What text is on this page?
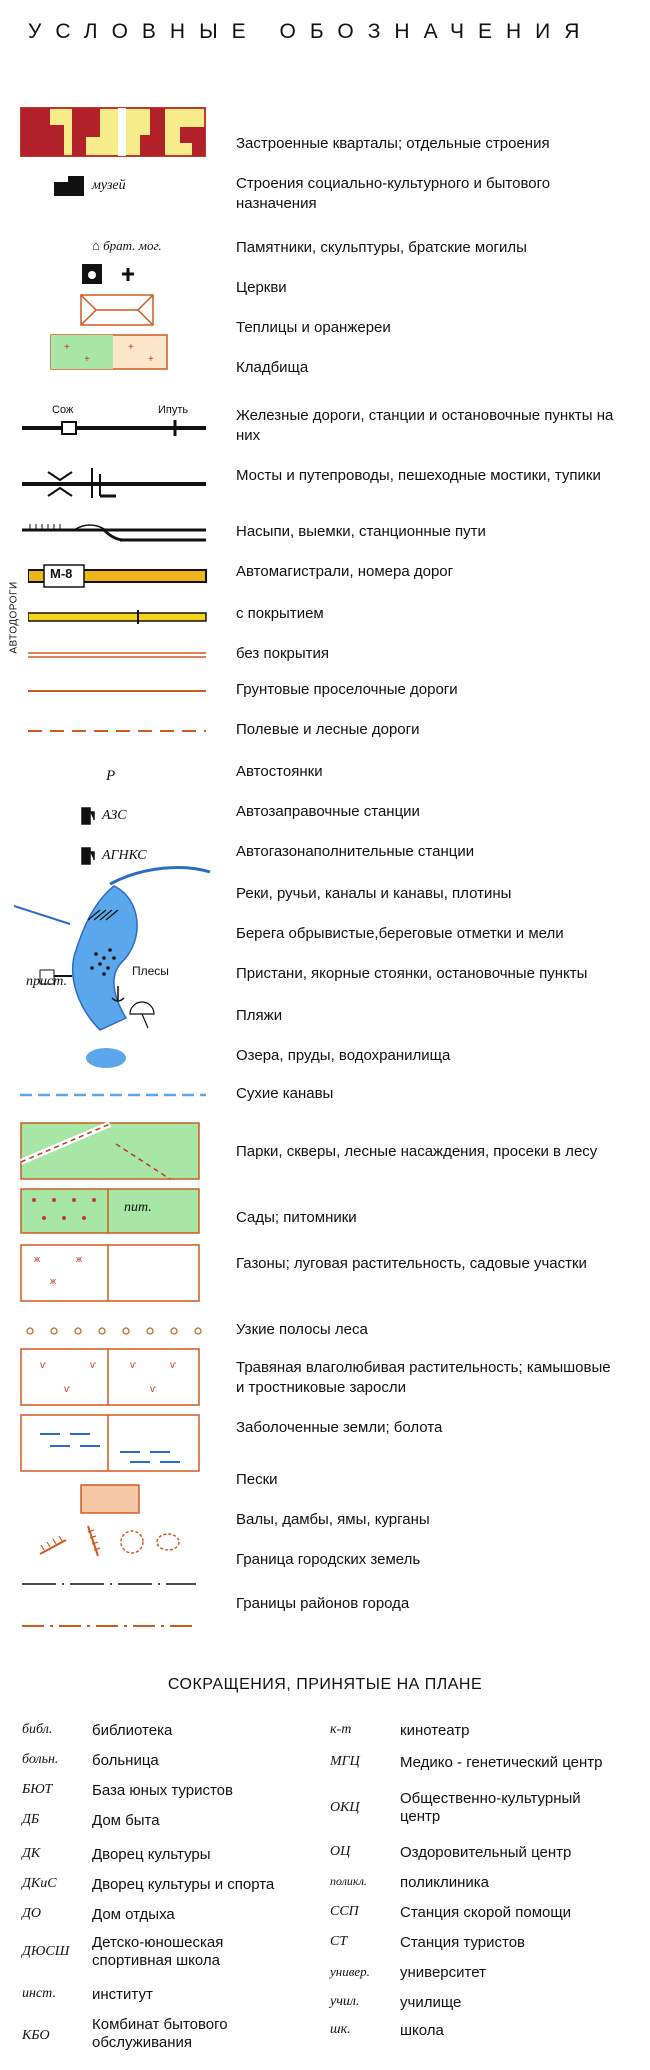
УСЛОВНЫЕ ОБОЗНАЧЕНИЯ
музей
⌂ брат. мог.
+
+
+
+
Сож	Ипуть
М-8
АВТОДОРОГИ
P
АЗС
АГНКС
прист.
Плесы
пит.
ж	ж
ж
ѵ	ѵ	ѵ	ѵ
ѵ	ѵ
Застроенные кварталы; отдельные строения
Строения социально-культурного и бытового назначения
Памятники, скульптуры, братские могилы
Церкви
Теплицы и оранжереи
Кладбища
Железные дороги, станции и остановочные пункты на них
Мосты и путепроводы, пешеходные мостики, тупики
Насыпи, выемки, станционные пути
Автомагистрали, номера дорог
с покрытием
без покрытия
Грунтовые проселочные дороги
Полевые и лесные дороги
Автостоянки
Автозаправочные станции
Автогазонаполнительные станции
Реки, ручьи, каналы и канавы, плотины
Берега обрывистые,береговые отметки и мели
Пристани, якорные стоянки, остановочные пункты
Пляжи
Озера, пруды, водохранилища
Сухие канавы
Парки, скверы, лесные насаждения, просеки в лесу
Сады; питомники
Газоны; луговая растительность, садовые участки
Узкие полосы леса
Травяная влаголюбивая растительность; камышовые и тростниковые заросли
Заболоченные земли; болота
Пески
Валы, дамбы, ямы, курганы
Граница городских земель
Границы районов города
СОКРАЩЕНИЯ, ПРИНЯТЫЕ НА ПЛАНЕ
библ.	библиотека
больн. больница
БЮТ	База юных туристов
ДБ	Дом быта
ДК	Дворец культуры
ДКиС Дворец культуры и спорта
ДО	Дом отдыха
ДЮСШ
Детско-юношеская спортивная школа
инст. институт
КБО
Комбинат бытового обслуживания
к-т	кинотеатр
МГЦ	Медико - генетический центр
ОКЦ
Общественно-культурный центр
ОЦ	Оздоровительный центр
поликл. поликлиника
ССП	Станция скорой помощи
СТ	Станция туристов
универ. университет
учил.	училище
шк.	школа
